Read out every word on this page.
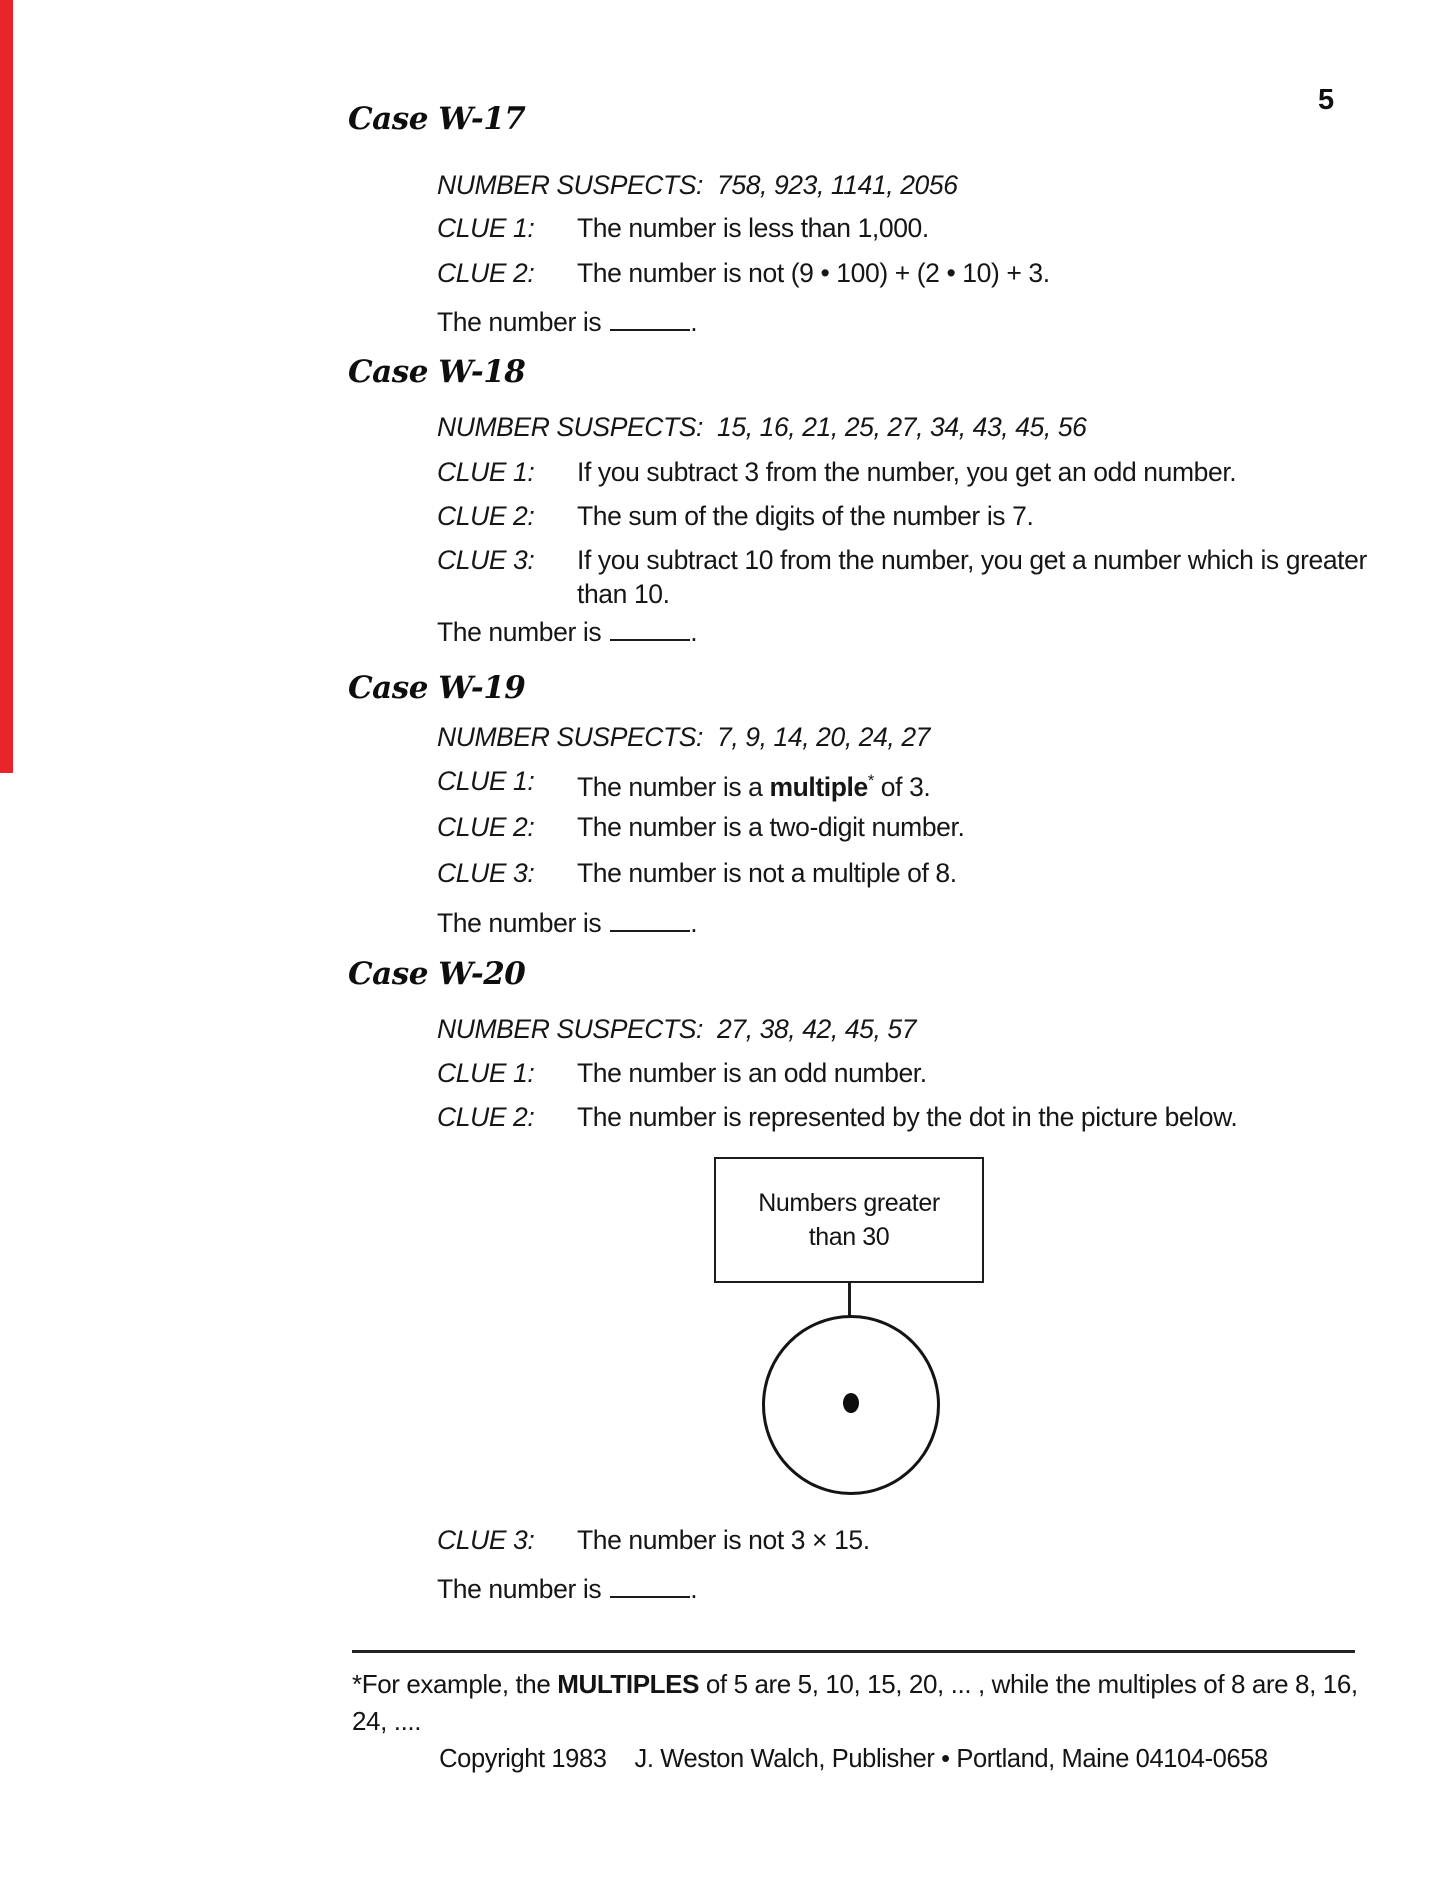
5
Case W-17
NUMBER SUSPECTS: 758, 923, 1141, 2056
CLUE 1:	The number is less than 1,000.
CLUE 2:	The number is not (9 • 100) + (2 • 10) + 3.
The number is	.
Case W-18
NUMBER SUSPECTS: 15, 16, 21, 25, 27, 34, 43, 45, 56
CLUE 1:	If you subtract 3 from the number, you get an odd number.
CLUE 2:	The sum of the digits of the number is 7.
CLUE 3:	If you subtract 10 from the number, you get a number which is greater than 10.
The number is	.
Case W-19
NUMBER SUSPECTS: 7, 9, 14, 20, 24, 27
CLUE 1:	The number is a multiple* of 3.
CLUE 2:	The number is a two-digit number.
CLUE 3:	The number is not a multiple of 8.
The number is	.
Case W-20
NUMBER SUSPECTS: 27, 38, 42, 45, 57
CLUE 1:	The number is an odd number.
CLUE 2:	The number is represented by the dot in the picture below.
Numbers greater
than 30
CLUE 3:	The number is not 3 × 15.
The number is	.
*For example, the MULTIPLES of 5 are 5, 10, 15, 20, ... , while the multiples of 8 are 8, 16, 24, ....
Copyright 1983 J. Weston Walch, Publisher • Portland, Maine 04104-0658
